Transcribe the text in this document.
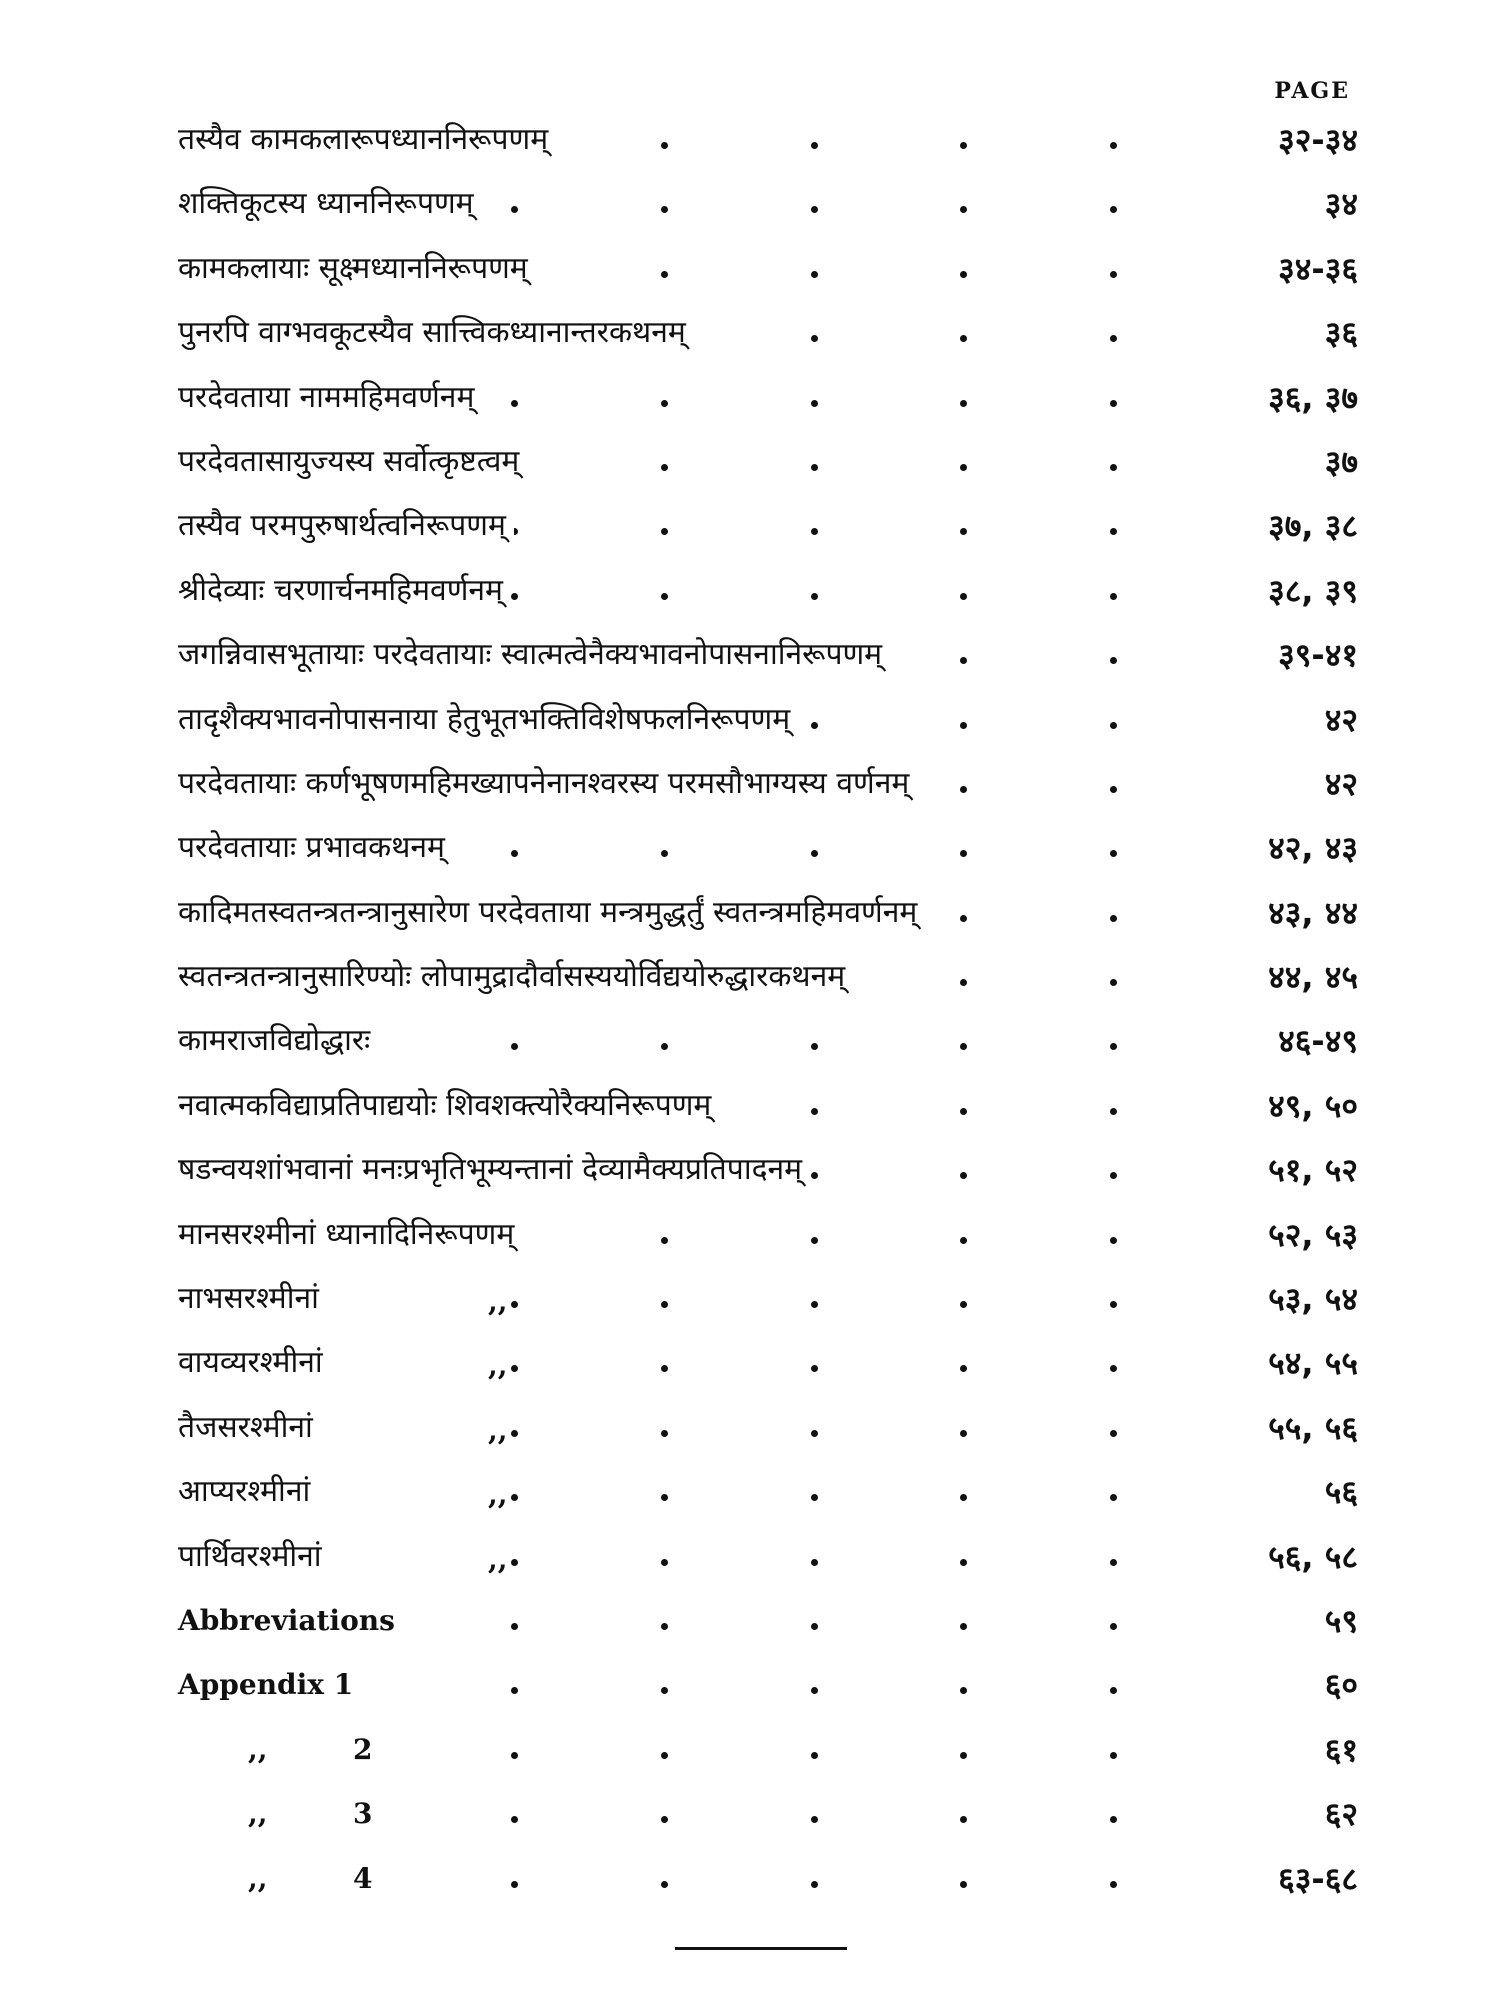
PAGE
तस्यैव कामकलारूपध्याननिरूपणम्	३२-३४
शक्तिकूटस्य ध्याननिरूपणम्	३४
कामकलायाः सूक्ष्मध्याननिरूपणम्	३४-३६
पुनरपि वाग्भवकूटस्यैव सात्त्विकध्यानान्तरकथनम्	३६
परदेवताया नाममहिमवर्णनम्	३६, ३७
परदेवतासायुज्यस्य सर्वोत्कृष्टत्वम्	३७
तस्यैव परमपुरुषार्थत्वनिरूपणम्	३७, ३८
श्रीदेव्याः चरणार्चनमहिमवर्णनम्	३८, ३९
जगन्निवासभूतायाः परदेवतायाः स्वात्मत्वेनैक्यभावनोपासनानिरूपणम्	३९-४१
तादृशैक्यभावनोपासनाया हेतुभूतभक्तिविशेषफलनिरूपणम्	४२
परदेवतायाः कर्णभूषणमहिमख्यापनेनानश्वरस्य परमसौभाग्यस्य वर्णनम्	४२
परदेवतायाः प्रभावकथनम्	४२, ४३
कादिमतस्वतन्त्रतन्त्रानुसारेण परदेवताया मन्त्रमुद्धर्तुं स्वतन्त्रमहिमवर्णनम्	४३, ४४
स्वतन्त्रतन्त्रानुसारिण्योः लोपामुद्रादौर्वासस्ययोर्विद्ययोरुद्धारकथनम्	४४, ४५
कामराजविद्योद्धारः	४६-४९
नवात्मकविद्याप्रतिपाद्ययोः शिवशक्त्योरैक्यनिरूपणम्	४९, ५०
षडन्वयशांभवानां मनःप्रभृतिभूम्यन्तानां देव्यामैक्यप्रतिपादनम्	५१, ५२
मानसरश्मीनां ध्यानादिनिरूपणम्	५२, ५३
नाभसरश्मीनां	,,	५३, ५४
वायव्यरश्मीनां	,,	५४, ५५
तैजसरश्मीनां	,,	५५, ५६
आप्यरश्मीनां	,,	५६
पार्थिवरश्मीनां	,,	५६, ५८
Abbreviations	५९
Appendix 1	६०
,,	2	६१
,,	3	६२
,,	4	६३-६८
